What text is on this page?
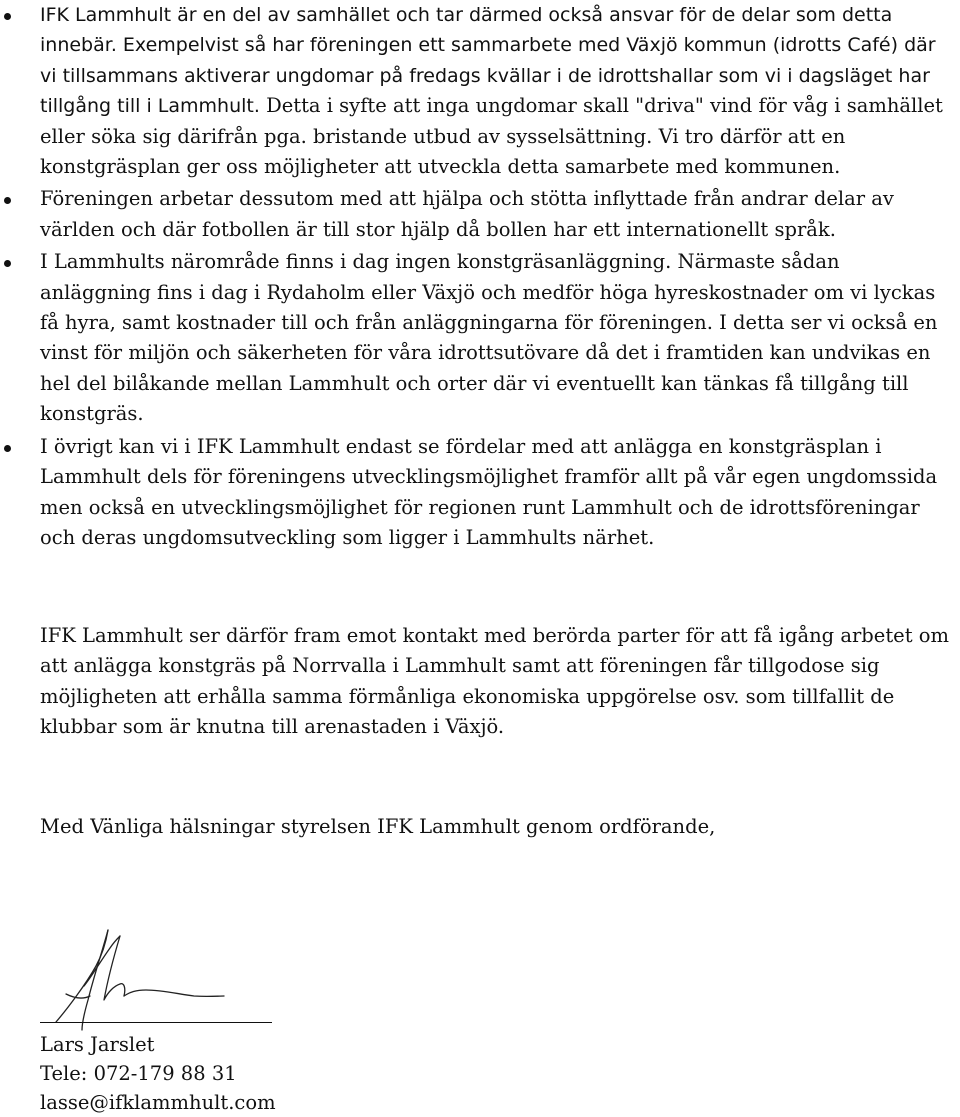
IFK Lammhult är en del av samhället och tar därmed också ansvar för de delar som detta innebär. Exempelvist så har föreningen ett sammarbete med Växjö kommun (idrotts Café) där vi tillsammans aktiverar ungdomar på fredags kvällar i de idrottshallar som vi i dagsläget har tillgång till i Lammhult. Detta i syfte att inga ungdomar skall "driva" vind för våg i samhället eller söka sig därifrån pga. bristande utbud av sysselsättning. Vi tro därför att en konstgräsplan ger oss möjligheter att utveckla detta samarbete med kommunen.
Föreningen arbetar dessutom med att hjälpa och stötta inflyttade från andrar delar av världen och där fotbollen är till stor hjälp då bollen har ett internationellt språk.
I Lammhults närområde finns i dag ingen konstgräsanläggning. Närmaste sådan anläggning fins i dag i Rydaholm eller Växjö och medför höga hyreskostnader om vi lyckas få hyra, samt kostnader till och från anläggningarna för föreningen. I detta ser vi också en vinst för miljön och säkerheten för våra idrottsutövare då det i framtiden kan undvikas en hel del bilåkande mellan Lammhult och orter där vi eventuellt kan tänkas få tillgång till konstgräs.
I övrigt kan vi i IFK Lammhult endast se fördelar med att anlägga en konstgräsplan i Lammhult dels för föreningens utvecklingsmöjlighet framför allt på vår egen ungdomssida men också en utvecklingsmöjlighet för regionen runt Lammhult och de idrottsföreningar och deras ungdomsutveckling som ligger i Lammhults närhet.

IFK Lammhult ser därför fram emot kontakt med berörda parter för att få igång arbetet om att anlägga konstgräs på Norrvalla i Lammhult samt att föreningen får tillgodose sig möjligheten att erhålla samma förmånliga ekonomiska uppgörelse osv. som tillfallit de klubbar som är knutna till arenastaden i Växjö.

Med Vänliga hälsningar styrelsen IFK Lammhult genom ordförande,

Lars Jarslet
Tele: 072-179 88 31
lasse@ifklammhult.com
